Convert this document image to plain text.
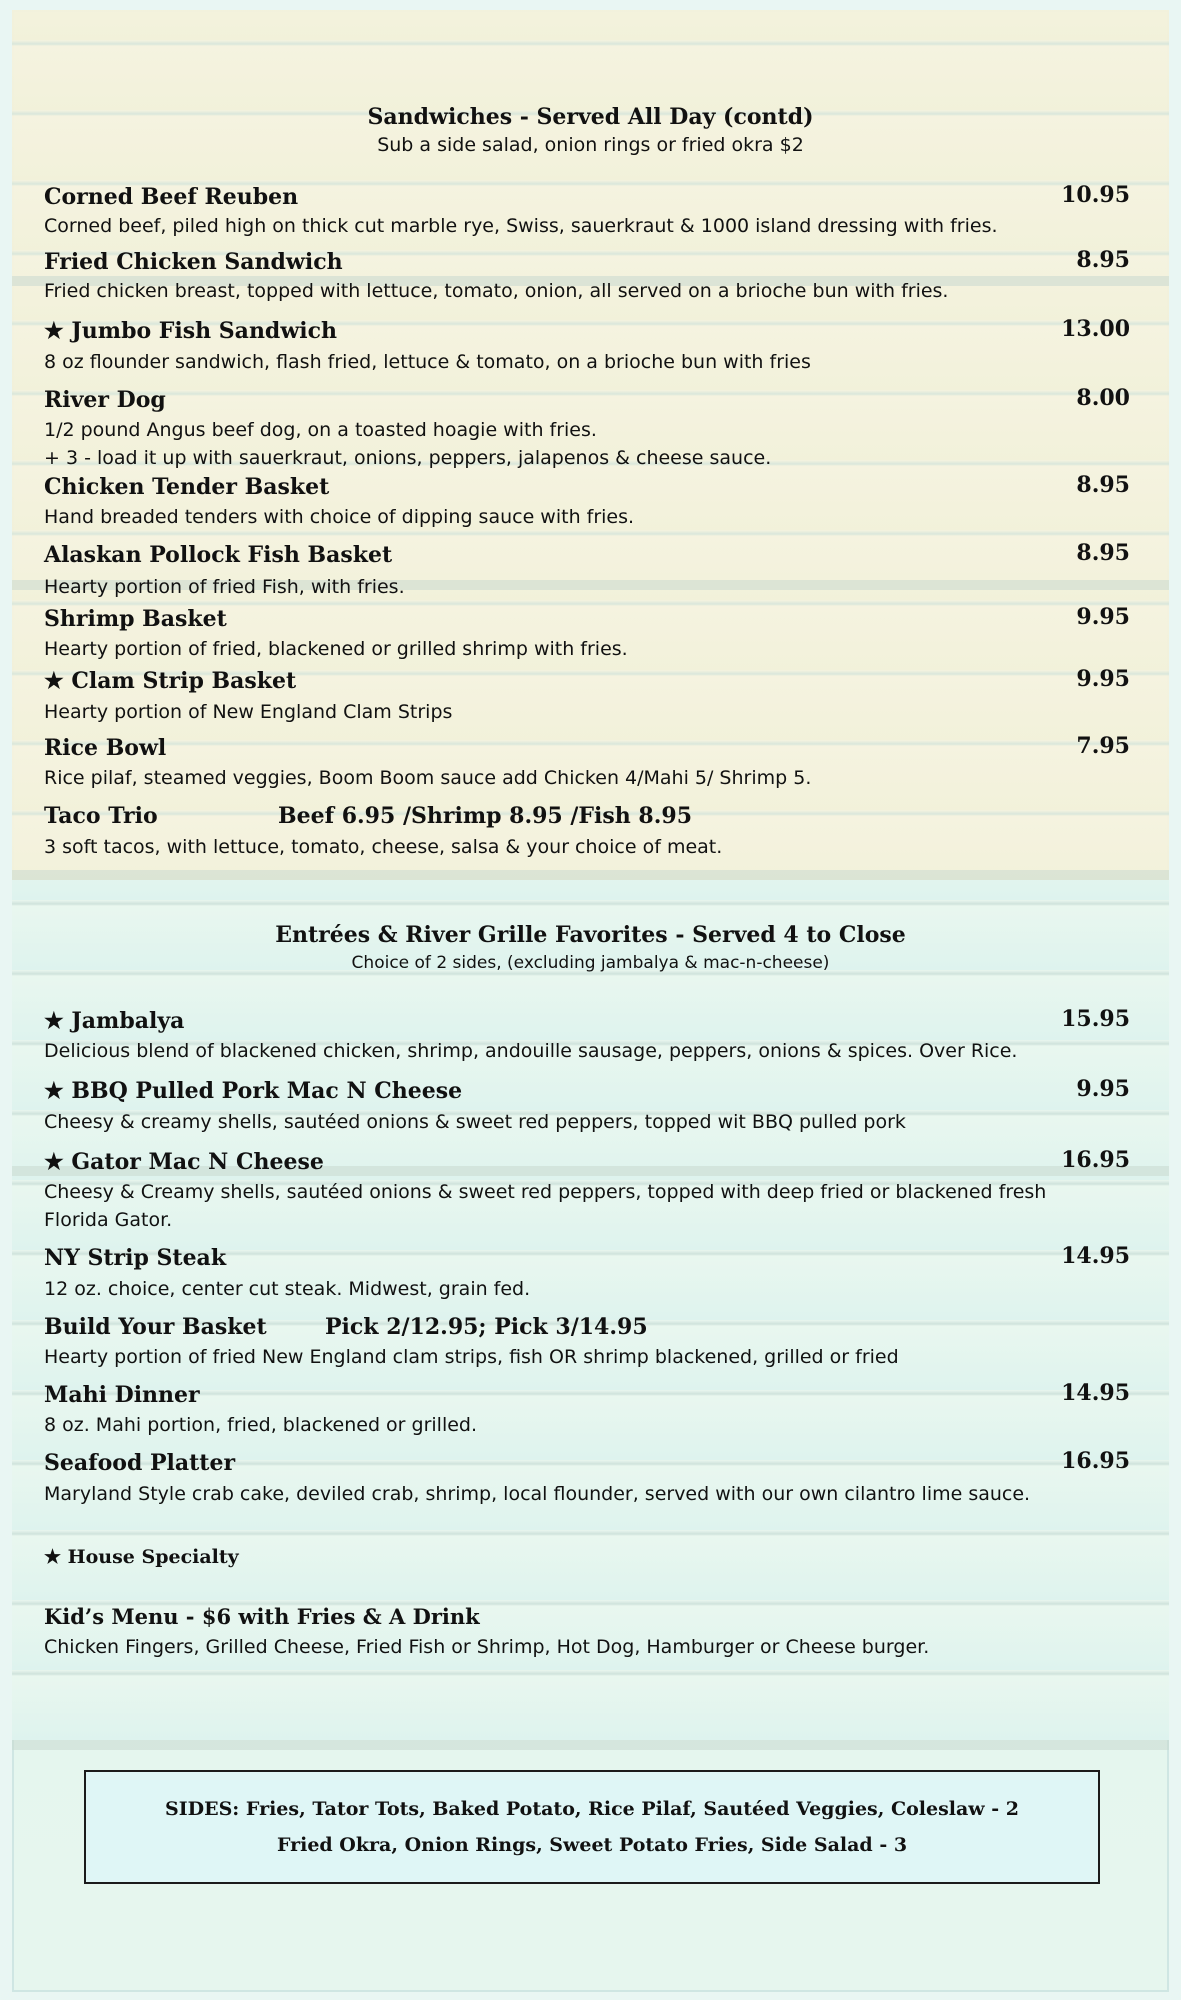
Sandwiches - Served All Day (contd)
Sub a side salad, onion rings or fried okra $2
Corned Beef Reuben	10.95
Corned beef, piled high on thick cut marble rye, Swiss, sauerkraut & 1000 island dressing with fries.
Fried Chicken Sandwich	8.95
Fried chicken breast, topped with lettuce, tomato, onion, all served on a brioche bun with fries.
★ Jumbo Fish Sandwich	13.00
8 oz flounder sandwich, flash fried, lettuce & tomato, on a brioche bun with fries
River Dog	8.00
1/2 pound Angus beef dog, on a toasted hoagie with fries.
+ 3 - load it up with sauerkraut, onions, peppers, jalapenos & cheese sauce.
Chicken Tender Basket	8.95
Hand breaded tenders with choice of dipping sauce with fries.
Alaskan Pollock Fish Basket	8.95
Hearty portion of fried Fish, with fries.
Shrimp Basket	9.95
Hearty portion of fried, blackened or grilled shrimp with fries.
★ Clam Strip Basket	9.95
Hearty portion of New England Clam Strips
Rice Bowl	7.95
Rice pilaf, steamed veggies, Boom Boom sauce add Chicken 4/Mahi 5/ Shrimp 5.
Taco Trio	Beef 6.95 /Shrimp 8.95 /Fish 8.95
3 soft tacos, with lettuce, tomato, cheese, salsa & your choice of meat.
Entrées & River Grille Favorites - Served 4 to Close
Choice of 2 sides, (excluding jambalya & mac-n-cheese)
★ Jambalya	15.95
Delicious blend of blackened chicken, shrimp, andouille sausage, peppers, onions & spices. Over Rice.
★ BBQ Pulled Pork Mac N Cheese	9.95
Cheesy & creamy shells, sautéed onions & sweet red peppers, topped wit BBQ pulled pork
★ Gator Mac N Cheese	16.95
Cheesy & Creamy shells, sautéed onions & sweet red peppers, topped with deep fried or blackened fresh
Florida Gator.
NY Strip Steak	14.95
12 oz. choice, center cut steak. Midwest, grain fed.
Build Your Basket	Pick 2/12.95; Pick 3/14.95
Hearty portion of fried New England clam strips, fish OR shrimp blackened, grilled or fried
Mahi Dinner	14.95
8 oz. Mahi portion, fried, blackened or grilled.
Seafood Platter	16.95
Maryland Style crab cake, deviled crab, shrimp, local flounder, served with our own cilantro lime sauce.
★ House Specialty
Kid’s Menu - $6 with Fries & A Drink
Chicken Fingers, Grilled Cheese, Fried Fish or Shrimp, Hot Dog, Hamburger or Cheese burger.
SIDES: Fries, Tator Tots, Baked Potato, Rice Pilaf, Sautéed Veggies, Coleslaw - 2
Fried Okra, Onion Rings, Sweet Potato Fries, Side Salad - 3
